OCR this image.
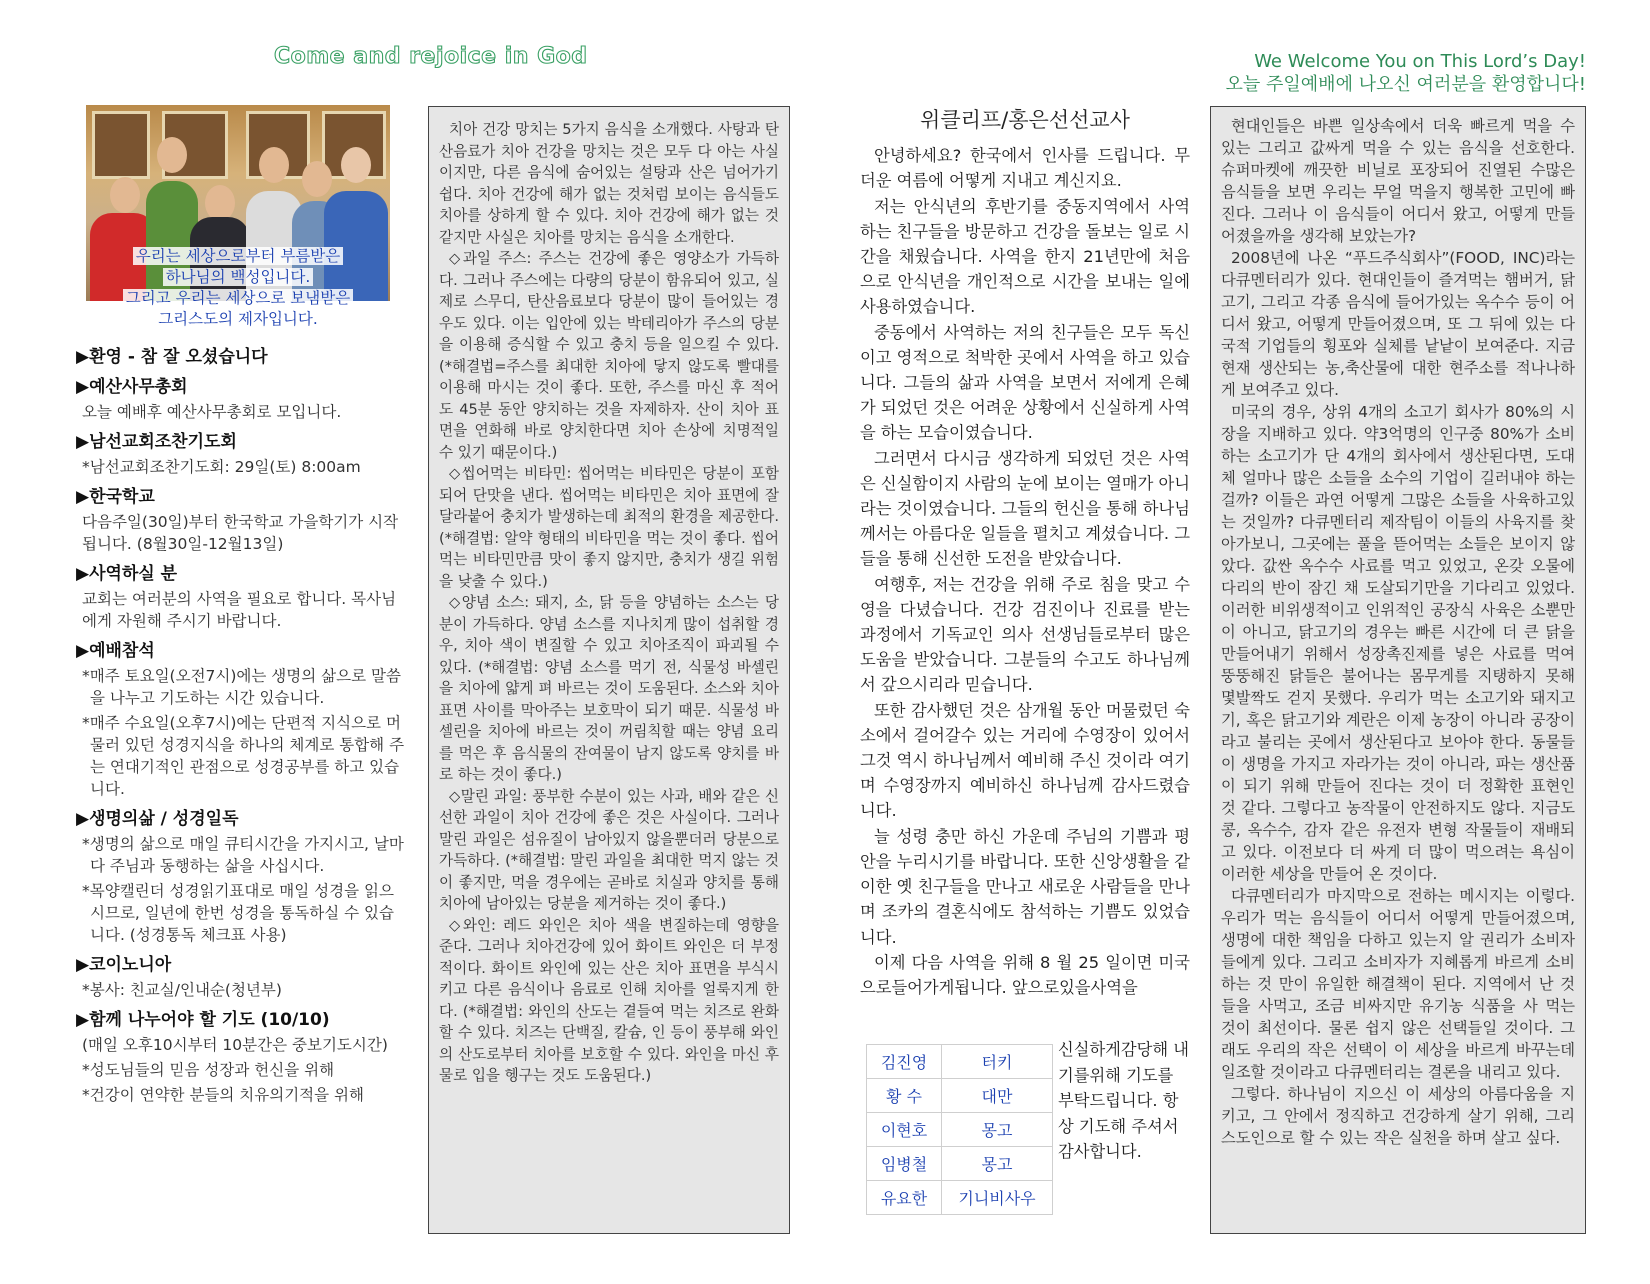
Come and rejoice in God	We Welcome You on This Lord’s Day!
오늘 주일예배에 나오신 여러분을 환영합니다!
우리는 세상으로부터 부름받은
하나님의 백성입니다.
그리고 우리는 세상으로 보냄받은
그리스도의 제자입니다.
▶환영 - 참 잘 오셨습니다
▶예산사무총회

오늘 예배후 예산사무총회로 모입니다.

▶남선교회조찬기도회

*남선교회조찬기도회: 29일(토) 8:00am

▶한국학교

다음주일(30일)부터 한국학교 가을학기가 시작됩니다. (8월30일-12월13일)

▶사역하실 분

교회는 여러분의 사역을 필요로 합니다. 목사님에게 자원해 주시기 바랍니다.

▶예배참석

*매주 토요일(오전7시)에는 생명의 삶으로 말씀을 나누고 기도하는 시간 있습니다.

*매주 수요일(오후7시)에는 단편적 지식으로 머물러 있던 성경지식을 하나의 체계로 통합해 주는 연대기적인 관점으로 성경공부를 하고 있습니다.

▶생명의삶 / 성경일독

*생명의 삶으로 매일 큐티시간을 가지시고, 날마다 주님과 동행하는 삶을 사십시다.

*목양캘린더 성경읽기표대로 매일 성경을 읽으시므로, 일년에 한번 성경을 통독하실 수 있습니다. (성경통독 체크표 사용)

▶코이노니아

*봉사: 친교실/인내순(청년부)

▶함께 나누어야 할 기도 (10/10)

(매일 오후10시부터 10분간은 중보기도시간)

*성도님들의 믿음 성장과 헌신을 위해

*건강이 연약한 분들의 치유의기적을 위해

치아 건강 망치는 5가지 음식을 소개했다. 사탕과 탄산음료가 치아 건강을 망치는 것은 모두 다 아는 사실이지만, 다른 음식에 숨어있는 설탕과 산은 넘어가기 쉽다. 치아 건강에 해가 없는 것처럼 보이는 음식들도 치아를 상하게 할 수 있다. 치아 건강에 해가 없는 것 같지만 사실은 치아를 망치는 음식을 소개한다.

◇과일 주스: 주스는 건강에 좋은 영양소가 가득하다. 그러나 주스에는 다량의 당분이 함유되어 있고, 실제로 스무디, 탄산음료보다 당분이 많이 들어있는 경우도 있다. 이는 입안에 있는 박테리아가 주스의 당분을 이용해 증식할 수 있고 충치 등을 일으킬 수 있다. (*해결법=주스를 최대한 치아에 닿지 않도록 빨대를 이용해 마시는 것이 좋다. 또한, 주스를 마신 후 적어도 45분 동안 양치하는 것을 자제하자. 산이 치아 표면을 연화해 바로 양치한다면 치아 손상에 치명적일 수 있기 때문이다.)

◇씹어먹는 비타민: 씹어먹는 비타민은 당분이 포함되어 단맛을 낸다. 씹어먹는 비타민은 치아 표면에 잘 달라붙어 충치가 발생하는데 최적의 환경을 제공한다. (*해결법: 알약 형태의 비타민을 먹는 것이 좋다. 씹어먹는 비타민만큼 맛이 좋지 않지만, 충치가 생길 위험을 낮출 수 있다.)

◇양념 소스: 돼지, 소, 닭 등을 양념하는 소스는 당분이 가득하다. 양념 소스를 지나치게 많이 섭취할 경우, 치아 색이 변질할 수 있고 치아조직이 파괴될 수 있다. (*해결법: 양념 소스를 먹기 전, 식물성 바셀린을 치아에 얇게 펴 바르는 것이 도움된다. 소스와 치아표면 사이를 막아주는 보호막이 되기 때문. 식물성 바셀린을 치아에 바르는 것이 꺼림칙할 때는 양념 요리를 먹은 후 음식물의 잔여물이 남지 않도록 양치를 바로 하는 것이 좋다.)

◇말린 과일: 풍부한 수분이 있는 사과, 배와 같은 신선한 과일이 치아 건강에 좋은 것은 사실이다. 그러나 말린 과일은 섬유질이 남아있지 않을뿐더러 당분으로 가득하다. (*해결법: 말린 과일을 최대한 먹지 않는 것이 좋지만, 먹을 경우에는 곧바로 치실과 양치를 통해 치아에 남아있는 당분을 제거하는 것이 좋다.)

◇와인: 레드 와인은 치아 색을 변질하는데 영향을 준다. 그러나 치아건강에 있어 화이트 와인은 더 부정적이다. 화이트 와인에 있는 산은 치아 표면을 부식시키고 다른 음식이나 음료로 인해 치아를 얼룩지게 한다. (*해결법: 와인의 산도는 곁들여 먹는 치즈로 완화할 수 있다. 치즈는 단백질, 칼슘, 인 등이 풍부해 와인의 산도로부터 치아를 보호할 수 있다. 와인을 마신 후 물로 입을 헹구는 것도 도움된다.)

위클리프/홍은선선교사

안녕하세요? 한국에서 인사를 드립니다. 무더운 여름에 어떻게 지내고 계신지요.

저는 안식년의 후반기를 중동지역에서 사역하는 친구들을 방문하고 건강을 돌보는 일로 시간을 채웠습니다. 사역을 한지 21년만에 처음으로 안식년을 개인적으로 시간을 보내는 일에 사용하였습니다.

중동에서 사역하는 저의 친구들은 모두 독신이고 영적으로 척박한 곳에서 사역을 하고 있습니다. 그들의 삶과 사역을 보면서 저에게 은혜가 되었던 것은 어려운 상황에서 신실하게 사역을 하는 모습이였습니다.

그러면서 다시금 생각하게 되었던 것은 사역은 신실함이지 사람의 눈에 보이는 열매가 아니라는 것이였습니다. 그들의 헌신을 통해 하나님께서는 아름다운 일들을 펼치고 계셨습니다. 그들을 통해 신선한 도전을 받았습니다.

여행후, 저는 건강을 위해 주로 침을 맞고 수영을 다녔습니다. 건강 검진이나 진료를 받는 과정에서 기독교인 의사 선생님들로부터 많은 도움을 받았습니다. 그분들의 수고도 하나님께서 갚으시리라 믿습니다.

또한 감사했던 것은 삼개월 동안 머물렀던 숙소에서 걸어갈수 있는 거리에 수영장이 있어서 그것 역시 하나님께서 예비해 주신 것이라 여기며 수영장까지 예비하신 하나님께 감사드렸습니다.

늘 성령 충만 하신 가운데 주님의 기쁨과 평안을 누리시기를 바랍니다. 또한 신앙생활을 같이한 옛 친구들을 만나고 새로운 사람들을 만나며 조카의 결혼식에도 참석하는 기쁨도 있었습니다.

이제 다음 사역을 위해 8 월 25 일이면 미국으로들어가게됩니다. 앞으로있을사역을

김진영	터키
황 수	대만
이현호	몽고
임병철	몽고
유요한	기니비사우
신실하게감당해 내기를위해 기도를 부탁드립니다. 항상 기도해 주셔서 감사합니다.

현대인들은 바쁜 일상속에서 더욱 빠르게 먹을 수 있는 그리고 값싸게 먹을 수 있는 음식을 선호한다. 슈퍼마켓에 깨끗한 비닐로 포장되어 진열된 수많은 음식들을 보면 우리는 무얼 먹을지 행복한 고민에 빠진다. 그러나 이 음식들이 어디서 왔고, 어떻게 만들어졌을까을 생각해 보았는가?

2008년에 나온 “푸드주식회사”(FOOD, INC)라는 다큐멘터리가 있다. 현대인들이 즐겨먹는 햄버거, 닭고기, 그리고 각종 음식에 들어가있는 옥수수 등이 어디서 왔고, 어떻게 만들어졌으며, 또 그 뒤에 있는 다국적 기업들의 횡포와 실체를 낱낱이 보여준다. 지금 현재 생산되는 농,축산물에 대한 현주소를 적나나하게 보여주고 있다.

미국의 경우, 상위 4개의 소고기 회사가 80%의 시장을 지배하고 있다. 약3억명의 인구중 80%가 소비하는 소고기가 단 4개의 회사에서 생산된다면, 도대체 얼마나 많은 소들을 소수의 기업이 길러내야 하는걸까? 이들은 과연 어떻게 그많은 소들을 사육하고있는 것일까? 다큐멘터리 제작팀이 이들의 사육지를 찾아가보니, 그곳에는 풀을 뜯어먹는 소들은 보이지 않았다. 값싼 옥수수 사료를 먹고 있었고, 온갖 오물에 다리의 반이 잠긴 채 도살되기만을 기다리고 있었다. 이러한 비위생적이고 인위적인 공장식 사육은 소뿐만이 아니고, 닭고기의 경우는 빠른 시간에 더 큰 닭을 만들어내기 위해서 성장촉진제를 넣은 사료를 먹여 뚱뚱해진 닭들은 불어나는 몸무게를 지탱하지 못해 몇발짝도 걷지 못했다. 우리가 먹는 소고기와 돼지고기, 혹은 닭고기와 계란은 이제 농장이 아니라 공장이라고 불리는 곳에서 생산된다고 보아야 한다. 동물들이 생명을 가지고 자라가는 것이 아니라, 파는 생산품이 되기 위해 만들어 진다는 것이 더 정확한 표현인 것 같다. 그렇다고 농작물이 안전하지도 않다. 지금도 콩, 옥수수, 감자 같은 유전자 변형 작물들이 재배되고 있다. 이전보다 더 싸게 더 많이 먹으려는 욕심이 이러한 세상을 만들어 온 것이다.

다큐멘터리가 마지막으로 전하는 메시지는 이렇다. 우리가 먹는 음식들이 어디서 어떻게 만들어졌으며, 생명에 대한 책임을 다하고 있는지 알 권리가 소비자들에게 있다. 그리고 소비자가 지혜롭게 바르게 소비하는 것 만이 유일한 해결책이 된다. 지역에서 난 것들을 사먹고, 조금 비싸지만 유기농 식품을 사 먹는 것이 최선이다. 물론 쉽지 않은 선택들일 것이다. 그래도 우리의 작은 선택이 이 세상을 바르게 바꾸는데 일조할 것이라고 다큐멘터리는 결론을 내리고 있다.

그렇다. 하나님이 지으신 이 세상의 아름다움을 지키고, 그 안에서 정직하고 건강하게 살기 위해, 그리스도인으로 할 수 있는 작은 실천을 하며 살고 싶다.
